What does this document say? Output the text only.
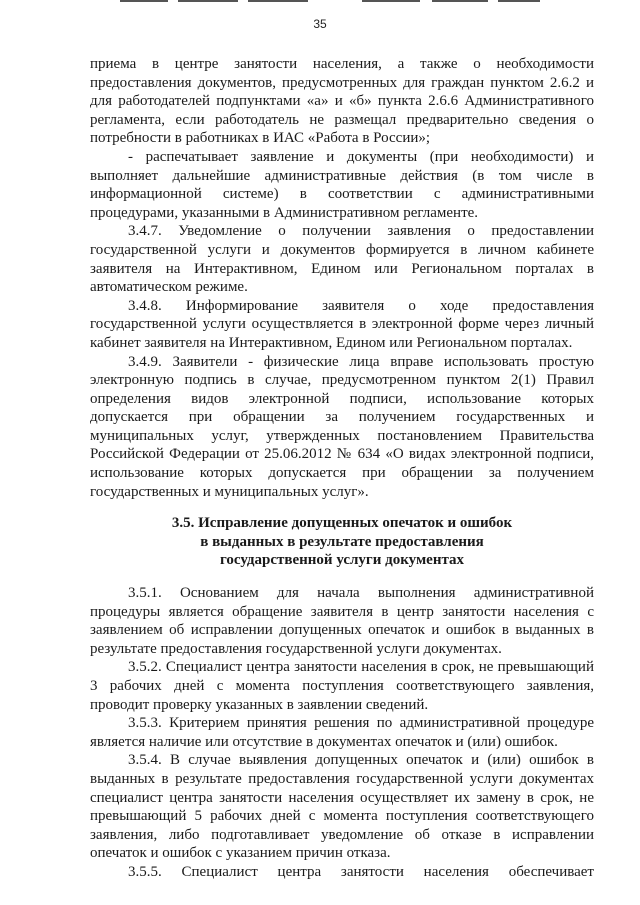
35

приема в центре занятости населения, а также о необходимости

предоставления документов, предусмотренных для граждан пунктом 2.6.2 и

для работодателей подпунктами «а» и «б» пункта 2.6.6 Административного

регламента, если работодатель не размещал предварительно сведения о

потребности в работниках в ИАС «Работа в России»;

- распечатывает заявление и документы (при необходимости) и

выполняет дальнейшие административные действия (в том числе в

информационной системе) в соответствии с административными

процедурами, указанными в Административном регламенте.

3.4.7. Уведомление о получении заявления о предоставлении

государственной услуги и документов формируется в личном кабинете

заявителя на Интерактивном, Едином или Региональном порталах в

автоматическом режиме.

3.4.8. Информирование заявителя о ходе предоставления

государственной услуги осуществляется в электронной форме через личный

кабинет заявителя на Интерактивном, Едином или Региональном порталах.

3.4.9. Заявители - физические лица вправе использовать простую

электронную подпись в случае, предусмотренном пунктом 2(1) Правил

определения видов электронной подписи, использование которых

допускается при обращении за получением государственных и

муниципальных услуг, утвержденных постановлением Правительства

Российской Федерации от 25.06.2012 № 634 «О видах электронной подписи,

использование которых допускается при обращении за получением

государственных и муниципальных услуг».

3.5. Исправление допущенных опечаток и ошибок
в выданных в результате предоставления
государственной услуги документах

3.5.1. Основанием для начала выполнения административной

процедуры является обращение заявителя в центр занятости населения с

заявлением об исправлении допущенных опечаток и ошибок в выданных в

результате предоставления государственной услуги документах.

3.5.2. Специалист центра занятости населения в срок, не превышающий

3 рабочих дней с момента поступления соответствующего заявления,

проводит проверку указанных в заявлении сведений.

3.5.3. Критерием принятия решения по административной процедуре

является наличие или отсутствие в документах опечаток и (или) ошибок.

3.5.4. В случае выявления допущенных опечаток и (или) ошибок в

выданных в результате предоставления государственной услуги документах

специалист центра занятости населения осуществляет их замену в срок, не

превышающий 5 рабочих дней с момента поступления соответствующего

заявления, либо подготавливает уведомление об отказе в исправлении

опечаток и ошибок с указанием причин отказа.

3.5.5. Специалист центра занятости населения обеспечивает
